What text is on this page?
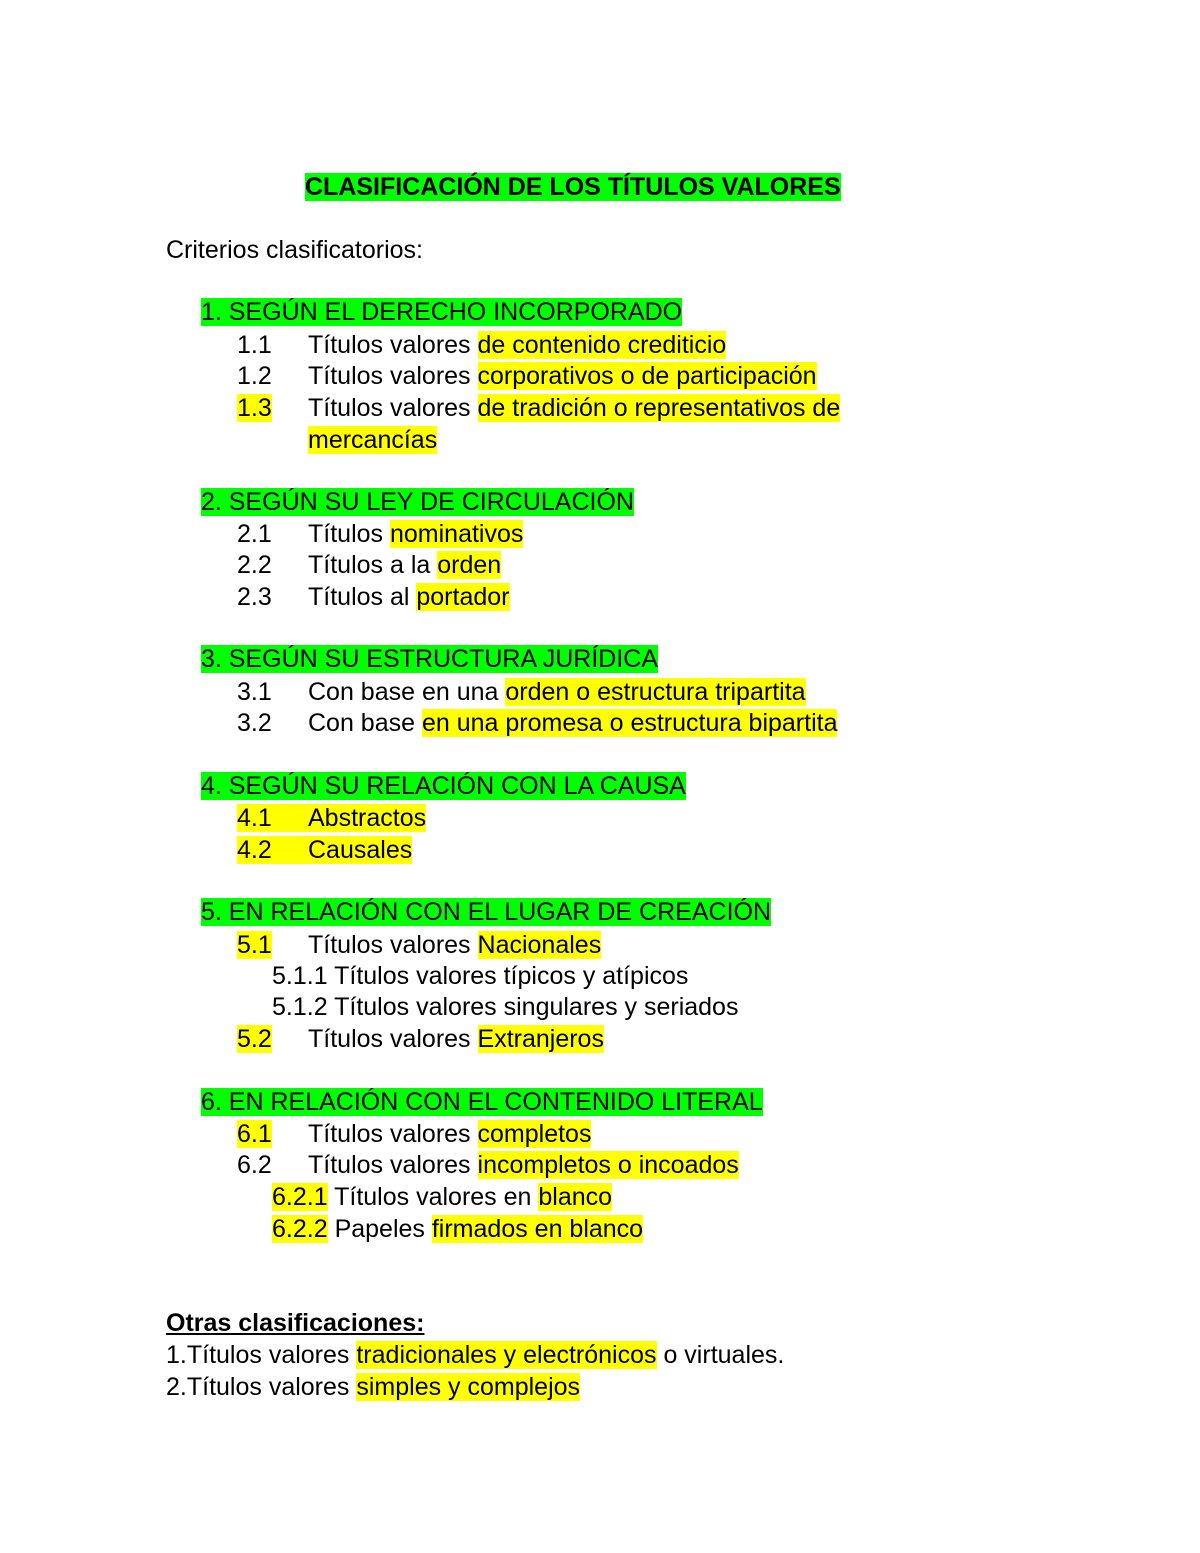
CLASIFICACIÓN DE LOS TÍTULOS VALORES
Criterios clasificatorios:
1. SEGÚN EL DERECHO INCORPORADO
1.1 Títulos valores de contenido crediticio
1.2 Títulos valores corporativos o de participación
1.3 Títulos valores de tradición o representativos de
mercancías
2. SEGÚN SU LEY DE CIRCULACIÓN
2.1 Títulos nominativos
2.2 Títulos a la orden
2.3 Títulos al portador
3. SEGÚN SU ESTRUCTURA JURÍDICA
3.1 Con base en una orden o estructura tripartita
3.2 Con base en una promesa o estructura bipartita
4. SEGÚN SU RELACIÓN CON LA CAUSA
4.1 Abstractos
4.2 Causales
5. EN RELACIÓN CON EL LUGAR DE CREACIÓN
5.1 Títulos valores Nacionales
5.1.1 Títulos valores típicos y atípicos
5.1.2 Títulos valores singulares y seriados
5.2 Títulos valores Extranjeros
6. EN RELACIÓN CON EL CONTENIDO LITERAL
6.1 Títulos valores completos
6.2 Títulos valores incompletos o incoados
6.2.1 Títulos valores en blanco
6.2.2 Papeles firmados en blanco
Otras clasificaciones:
1.Títulos valores tradicionales y electrónicos o virtuales.
2.Títulos valores simples y complejos
